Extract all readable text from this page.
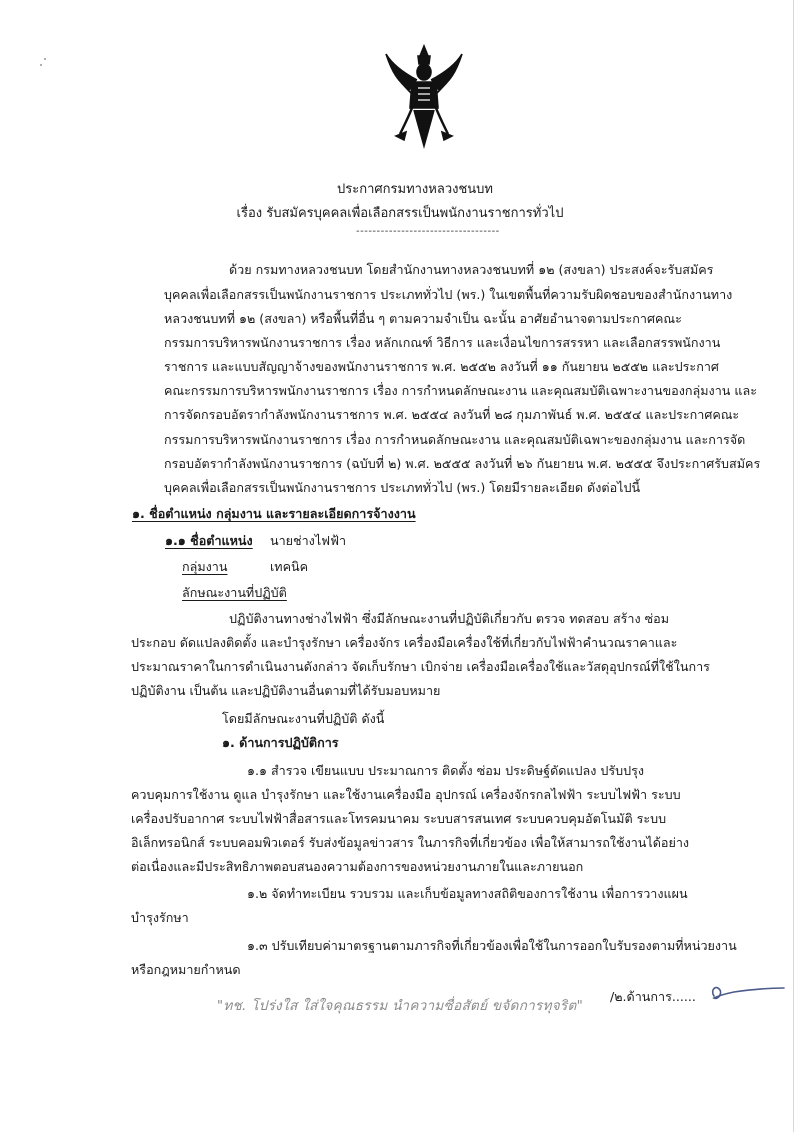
ประกาศกรมทางหลวงชนบท
เรื่อง รับสมัครบุคคลเพื่อเลือกสรรเป็นพนักงานราชการทั่วไป
-----------------------------------
ด้วย กรมทางหลวงชนบท โดยสำนักงานทางหลวงชนบทที่ ๑๒ (สงขลา) ประสงค์จะรับสมัคร
บุคคลเพื่อเลือกสรรเป็นพนักงานราชการ ประเภททั่วไป (พร.) ในเขตพื้นที่ความรับผิดชอบของสำนักงานทาง
หลวงชนบทที่ ๑๒ (สงขลา) หรือพื้นที่อื่น ๆ ตามความจำเป็น ฉะนั้น อาศัยอำนาจตามประกาศคณะ
กรรมการบริหารพนักงานราชการ เรื่อง หลักเกณฑ์ วิธีการ และเงื่อนไขการสรรหา และเลือกสรรพนักงาน
ราชการ และแบบสัญญาจ้างของพนักงานราชการ พ.ศ. ๒๕๕๒ ลงวันที่ ๑๑ กันยายน ๒๕๕๒ และประกาศ
คณะกรรมการบริหารพนักงานราชการ เรื่อง การกำหนดลักษณะงาน และคุณสมบัติเฉพาะงานของกลุ่มงาน และ
การจัดกรอบอัตรากำลังพนักงานราชการ พ.ศ. ๒๕๕๔ ลงวันที่ ๒๘ กุมภาพันธ์ พ.ศ. ๒๕๕๔ และประกาศคณะ
กรรมการบริหารพนักงานราชการ เรื่อง การกำหนดลักษณะงาน และคุณสมบัติเฉพาะของกลุ่มงาน และการจัด
กรอบอัตรากำลังพนักงานราชการ (ฉบับที่ ๒) พ.ศ. ๒๕๕๕ ลงวันที่ ๒๖ กันยายน พ.ศ. ๒๕๕๕ จึงประกาศรับสมัคร
บุคคลเพื่อเลือกสรรเป็นพนักงานราชการ ประเภททั่วไป (พร.) โดยมีรายละเอียด ดังต่อไปนี้
๑. ชื่อตำแหน่ง กลุ่มงาน และรายละเอียดการจ้างงาน
๑.๑ ชื่อตำแหน่ง นายช่างไฟฟ้า
กลุ่มงาน	เทคนิค
ลักษณะงานที่ปฏิบัติ
ปฏิบัติงานทางช่างไฟฟ้า ซึ่งมีลักษณะงานที่ปฏิบัติเกี่ยวกับ ตรวจ ทดสอบ สร้าง ซ่อม
ประกอบ ดัดแปลงติดตั้ง และบำรุงรักษา เครื่องจักร เครื่องมือเครื่องใช้ที่เกี่ยวกับไฟฟ้าคำนวณราคาและ
ประมาณราคาในการดำเนินงานดังกล่าว จัดเก็บรักษา เบิกจ่าย เครื่องมือเครื่องใช้และวัสดุอุปกรณ์ที่ใช้ในการ
ปฏิบัติงาน เป็นต้น และปฏิบัติงานอื่นตามที่ได้รับมอบหมาย
โดยมีลักษณะงานที่ปฏิบัติ ดังนี้
๑. ด้านการปฏิบัติการ
๑.๑ สำรวจ เขียนแบบ ประมาณการ ติดตั้ง ซ่อม ประดิษฐ์ดัดแปลง ปรับปรุง
ควบคุมการใช้งาน ดูแล บำรุงรักษา และใช้งานเครื่องมือ อุปกรณ์ เครื่องจักรกลไฟฟ้า ระบบไฟฟ้า ระบบ
เครื่องปรับอากาศ ระบบไฟฟ้าสื่อสารและโทรคมนาคม ระบบสารสนเทศ ระบบควบคุมอัตโนมัติ ระบบ
อิเล็กทรอนิกส์ ระบบคอมพิวเตอร์ รับส่งข้อมูลข่าวสาร ในภารกิจที่เกี่ยวข้อง เพื่อให้สามารถใช้งานได้อย่าง
ต่อเนื่องและมีประสิทธิภาพตอบสนองความต้องการของหน่วยงานภายในและภายนอก
๑.๒ จัดทำทะเบียน รวบรวม และเก็บข้อมูลทางสถิติของการใช้งาน เพื่อการวางแผน
บำรุงรักษา
๑.๓ ปรับเทียบค่ามาตรฐานตามภารกิจที่เกี่ยวข้องเพื่อใช้ในการออกใบรับรองตามที่หน่วยงาน
หรือกฎหมายกำหนด
/๒.ด้านการ......
"ทช. โปร่งใส ใส่ใจคุณธรรม นำความซื่อสัตย์ ขจัดการทุจริต"
